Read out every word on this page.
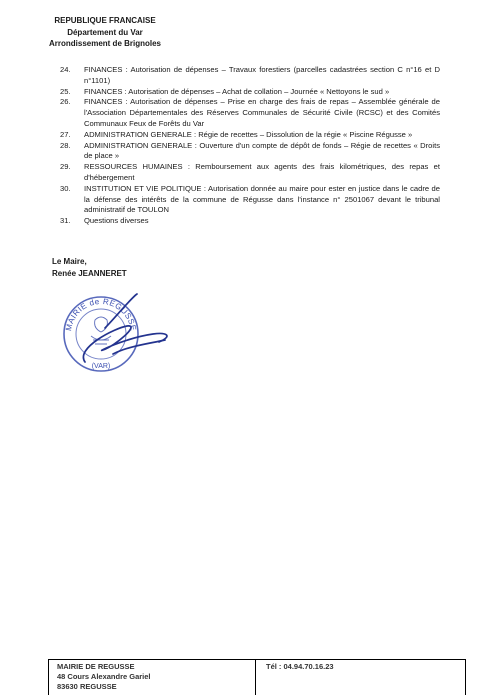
REPUBLIQUE FRANCAISE
Département du Var
Arrondissement de Brignoles
24. FINANCES : Autorisation de dépenses – Travaux forestiers (parcelles cadastrées section C n°16 et D n°1101)
25. FINANCES : Autorisation de dépenses – Achat de collation – Journée « Nettoyons le sud »
26. FINANCES : Autorisation de dépenses – Prise en charge des frais de repas – Assemblée générale de l'Association Départementales des Réserves Communales de Sécurité Civile (RCSC) et des Comités Communaux Feux de Forêts du Var
27. ADMINISTRATION GENERALE : Régie de recettes – Dissolution de la régie « Piscine Régusse »
28. ADMINISTRATION GENERALE : Ouverture d'un compte de dépôt de fonds – Régie de recettes « Droits de place »
29. RESSOURCES HUMAINES : Remboursement aux agents des frais kilométriques, des repas et d'hébergement
30. INSTITUTION ET VIE POLITIQUE : Autorisation donnée au maire pour ester en justice dans le cadre de la défense des intérêts de la commune de Régusse dans l'instance n° 2501067 devant le tribunal administratif de TOULON
31. Questions diverses
Le Maire,
Renée JEANNERET
MAIRIE de REGUSSE
(VAR)
MAIRIE DE REGUSSE
48 Cours Alexandre Gariel
83630 REGUSSE
Tél : 04.94.70.16.23
